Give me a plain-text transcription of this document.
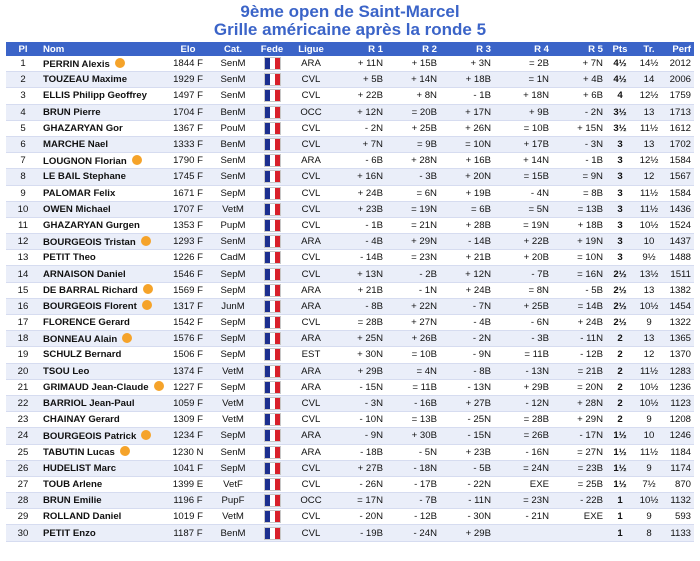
9ème open de Saint-Marcel
Grille américaine après la ronde 5
Pl	Nom	Elo	Cat.	Fede	Ligue	R 1	R 2	R 3	R 4	R 5	Pts	Tr.	Perf
1	PERRIN Alexis	1844 F	SenM		ARA	+ 11N	+ 15B	+ 3N	= 2B	+ 7N	4½	14½	2012
2	TOUZEAU Maxime	1929 F	SenM		CVL	+ 5B	+ 14N	+ 18B	= 1N	+ 4B	4½	14	2006
3	ELLIS Philipp Geoffrey	1497 F	SenM		CVL	+ 22B	+ 8N	- 1B	+ 18N	+ 6B	4	12½	1759
4	BRUN Pierre	1704 F	BenM		OCC	+ 12N	= 20B	+ 17N	+ 9B	- 2N	3½	13	1713
5	GHAZARYAN Gor	1367 F	PouM		CVL	- 2N	+ 25B	+ 26N	= 10B	+ 15N	3½	11½	1612
6	MARCHE Nael	1333 F	BenM		CVL	+ 7N	= 9B	= 10N	+ 17B	- 3N	3	13	1702
7	LOUGNON Florian	1790 F	SenM		ARA	- 6B	+ 28N	+ 16B	+ 14N	- 1B	3	12½	1584
8	LE BAIL Stephane	1745 F	SenM		CVL	+ 16N	- 3B	+ 20N	= 15B	= 9N	3	12	1567
9	PALOMAR Felix	1671 F	SepM		CVL	+ 24B	= 6N	+ 19B	- 4N	= 8B	3	11½	1584
10	OWEN Michael	1707 F	VetM		CVL	+ 23B	= 19N	= 6B	= 5N	= 13B	3	11½	1436
11	GHAZARYAN Gurgen	1353 F	PupM		CVL	- 1B	= 21N	+ 28B	= 19N	+ 18B	3	10½	1524
12	BOURGEOIS Tristan	1293 F	SenM		ARA	- 4B	+ 29N	- 14B	+ 22B	+ 19N	3	10	1437
13	PETIT Theo	1226 F	CadM		CVL	- 14B	= 23N	+ 21B	+ 20B	= 10N	3	9½	1488
14	ARNAISON Daniel	1546 F	SepM		CVL	+ 13N	- 2B	+ 12N	- 7B	= 16N	2½	13½	1511
15	DE BARRAL Richard	1569 F	SepM		ARA	+ 21B	- 1N	+ 24B	= 8N	- 5B	2½	13	1382
16	BOURGEOIS Florent	1317 F	JunM		ARA	- 8B	+ 22N	- 7N	+ 25B	= 14B	2½	10½	1454
17	FLORENCE Gerard	1542 F	SepM		CVL	= 28B	+ 27N	- 4B	- 6N	+ 24B	2½	9	1322
18	BONNEAU Alain	1576 F	SepM		ARA	+ 25N	+ 26B	- 2N	- 3B	- 11N	2	13	1365
19	SCHULZ Bernard	1506 F	SepM		EST	+ 30N	= 10B	- 9N	= 11B	- 12B	2	12	1370
20	TSOU Leo	1374 F	VetM		ARA	+ 29B	= 4N	- 8B	- 13N	= 21B	2	11½	1283
21	GRIMAUD Jean-Claude	1227 F	SepM		ARA	- 15N	= 11B	- 13N	+ 29B	= 20N	2	10½	1236
22	BARRIOL Jean-Paul	1059 F	VetM		CVL	- 3N	- 16B	+ 27B	- 12N	+ 28N	2	10½	1123
23	CHAINAY Gerard	1309 F	VetM		CVL	- 10N	= 13B	- 25N	= 28B	+ 29N	2	9	1208
24	BOURGEOIS Patrick	1234 F	SepM		ARA	- 9N	+ 30B	- 15N	= 26B	- 17N	1½	10	1246
25	TABUTIN Lucas	1230 N	SenM		ARA	- 18B	- 5N	+ 23B	- 16N	= 27N	1½	11½	1184
26	HUDELIST Marc	1041 F	SepM		CVL	+ 27B	- 18N	- 5B	= 24N	= 23B	1½	9	1174
27	TOUB Arlene	1399 E	VetF		CVL	- 26N	- 17B	- 22N	EXE	= 25B	1½	7½	870
28	BRUN Emilie	1196 F	PupF		OCC	= 17N	- 7B	- 11N	= 23N	- 22B	1	10½	1132
29	ROLLAND Daniel	1019 F	VetM		CVL	- 20N	- 12B	- 30N	- 21N	EXE	1	9	593
30	PETIT Enzo	1187 F	BenM		CVL	- 19B	- 24N	+ 29B			1	8	1133
